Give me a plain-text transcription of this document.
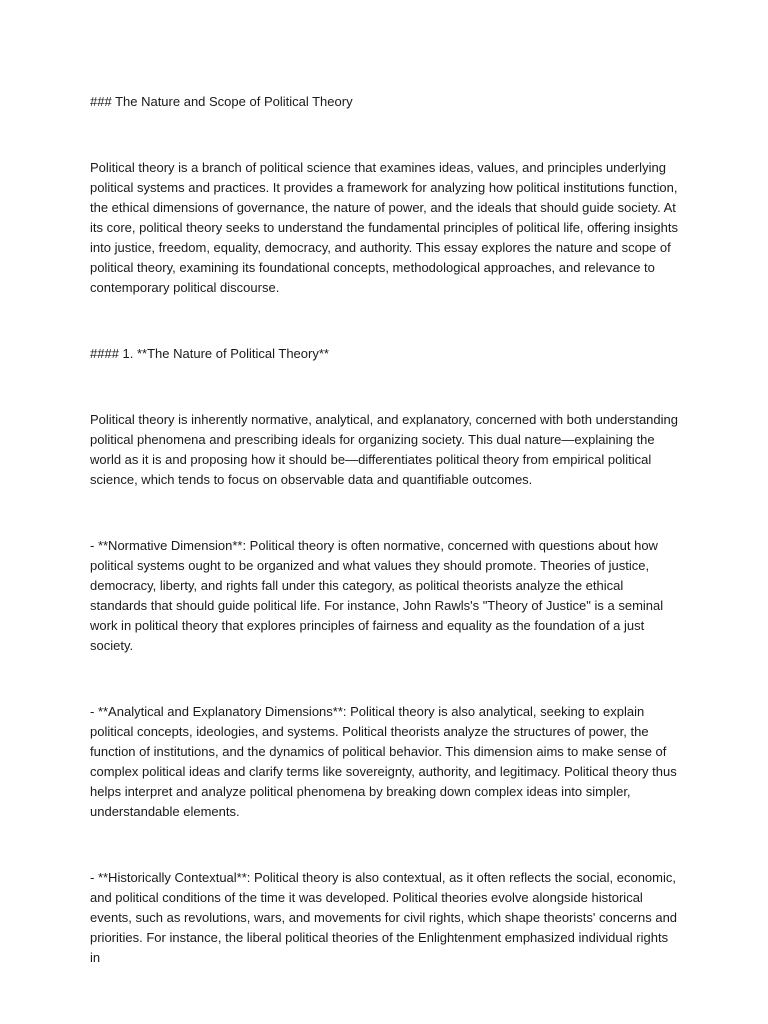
### The Nature and Scope of Political Theory

Political theory is a branch of political science that examines ideas, values, and principles underlying political systems and practices. It provides a framework for analyzing how political institutions function, the ethical dimensions of governance, the nature of power, and the ideals that should guide society. At its core, political theory seeks to understand the fundamental principles of political life, offering insights into justice, freedom, equality, democracy, and authority. This essay explores the nature and scope of political theory, examining its foundational concepts, methodological approaches, and relevance to contemporary political discourse.

#### 1. **The Nature of Political Theory**

Political theory is inherently normative, analytical, and explanatory, concerned with both understanding political phenomena and prescribing ideals for organizing society. This dual nature—explaining the world as it is and proposing how it should be—differentiates political theory from empirical political science, which tends to focus on observable data and quantifiable outcomes.

- **Normative Dimension**: Political theory is often normative, concerned with questions about how political systems ought to be organized and what values they should promote. Theories of justice, democracy, liberty, and rights fall under this category, as political theorists analyze the ethical standards that should guide political life. For instance, John Rawls's "Theory of Justice" is a seminal work in political theory that explores principles of fairness and equality as the foundation of a just society.

- **Analytical and Explanatory Dimensions**: Political theory is also analytical, seeking to explain political concepts, ideologies, and systems. Political theorists analyze the structures of power, the function of institutions, and the dynamics of political behavior. This dimension aims to make sense of complex political ideas and clarify terms like sovereignty, authority, and legitimacy. Political theory thus helps interpret and analyze political phenomena by breaking down complex ideas into simpler, understandable elements.

- **Historically Contextual**: Political theory is also contextual, as it often reflects the social, economic, and political conditions of the time it was developed. Political theories evolve alongside historical events, such as revolutions, wars, and movements for civil rights, which shape theorists' concerns and priorities. For instance, the liberal political theories of the Enlightenment emphasized individual rights in
